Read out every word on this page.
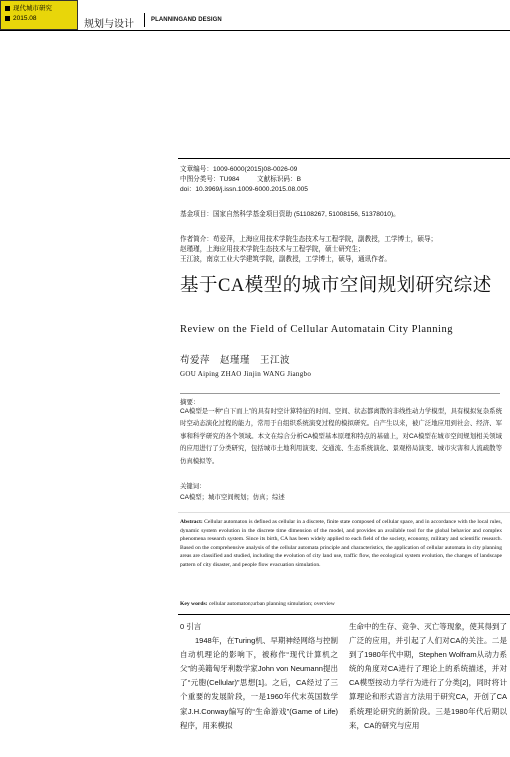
现代城市研究

2015.08
规划与设计	PLANNINGAND DESIGN
文章编号：1009-6000(2015)08-0026-09
中图分类号：TU984	文献标识码：B
doi：10.3969/j.issn.1009-6000.2015.08.005
基金项目：国家自然科学基金项目资助 (51108267, 51008156, 51378010)。
作者简介：苟爱萍，上海应用技术学院生态技术与工程学院，副教授，工学博士，硕导；
赵瑾瑾，上海应用技术学院生态技术与工程学院，硕士研究生；
王江波，南京工业大学建筑学院，副教授，工学博士，硕导，通讯作者。
基于CA模型的城市空间规划研究综述
Review on the Field of Cellular Automatain City Planning
苟爱萍　赵瑾瑾　王江波
GOU Aiping ZHAO Jinjin WANG Jiangbo
摘要：
CA模型是一种“自下而上”的具有时空计算特征的时间、空间、状态都离散的非线性动力学模型，具有模拟复杂系统时空动态演化过程的能力，常用于自组织系统演变过程的模拟研究。自产生以来，被广泛地应用到社会、经济、军事和科学研究的各个领域。本文在综合分析CA模型基本原理和特点的基础上，对CA模型在城市空间规划相关领域的应用进行了分类研究，包括城市土地利用演变、交通流、生态系统演化、景观格局演变、城市灾害和人流疏散等仿真模拟等。
关键词：
CA模型；城市空间规划；仿真；综述
Abstract: Cellular automaton is defined as cellular in a discrete, finite state composed of cellular space, and in accordance with the local rules, dynamic system evolution in the discrete time dimension of the model, and provides an available tool for the global behavior and complex phenomena research system. Since its birth, CA has been widely applied to each field of the society, economy, military and scientific research. Based on the comprehensive analysis of the cellular automata principle and characteristics, the application of cellular automata in city planning areas are classified and studied, including the evolution of city land use, traffic flow, the ecological system evolution, the changes of landscape pattern of city disaster, and people flow evacuation simulation.
Key words: cellular automaton;urban planning simulation; overview
0 引言

1948年，在Turing机、早期神经网络与控制自动机理论的影响下，被称作“现代计算机之父”的美籍匈牙利数学家John von Neumann提出了“元胞(Cellular)”思想[1]。之后，CA经过了三个重要的发展阶段，一是1960年代末英国数学家J.H.Conway编写的“生命游戏”(Game of Life)程序，用来模拟

生命中的生存、竞争、灭亡等现象，使其得到了广泛的应用，并引起了人们对CA的关注。二是到了1980年代中期，Stephen Wolfram从动力系统的角度对CA进行了理论上的系统描述，并对CA模型按动力学行为进行了分类[2]，同时将计算理论和形式语言方法用于研究CA，开创了CA系统理论研究的新阶段。三是1980年代后期以来，CA的研究与应用
